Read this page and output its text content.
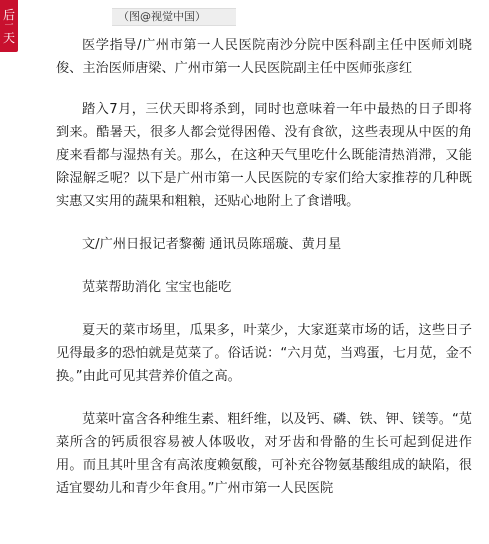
后
一
天
（图@视觉中国）

医学指导/广州市第一人民医院南沙分院中医科副主任中医师刘晓俊、主治医师唐梁、广州市第一人民医院副主任中医师张彦红

踏入7月，三伏天即将杀到，同时也意味着一年中最热的日子即将到来。酷暑天，很多人都会觉得困倦、没有食欲，这些表现从中医的角度来看都与湿热有关。那么，在这种天气里吃什么既能清热消滞，又能除湿解乏呢？以下是广州市第一人民医院的专家们给大家推荐的几种既实惠又实用的蔬果和粗粮，还贴心地附上了食谱哦。

文/广州日报记者黎蘅 通讯员陈瑶璇、黄月星

苋菜帮助消化 宝宝也能吃

夏天的菜市场里，瓜果多，叶菜少，大家逛菜市场的话，这些日子见得最多的恐怕就是苋菜了。俗话说：“六月苋，当鸡蛋，七月苋，金不换。”由此可见其营养价值之高。

苋菜叶富含各种维生素、粗纤维，以及钙、磷、铁、钾、镁等。“苋菜所含的钙质很容易被人体吸收，对牙齿和骨骼的生长可起到促进作用。而且其叶里含有高浓度赖氨酸，可补充谷物氨基酸组成的缺陷，很适宜婴幼儿和青少年食用。”广州市第一人民医院
